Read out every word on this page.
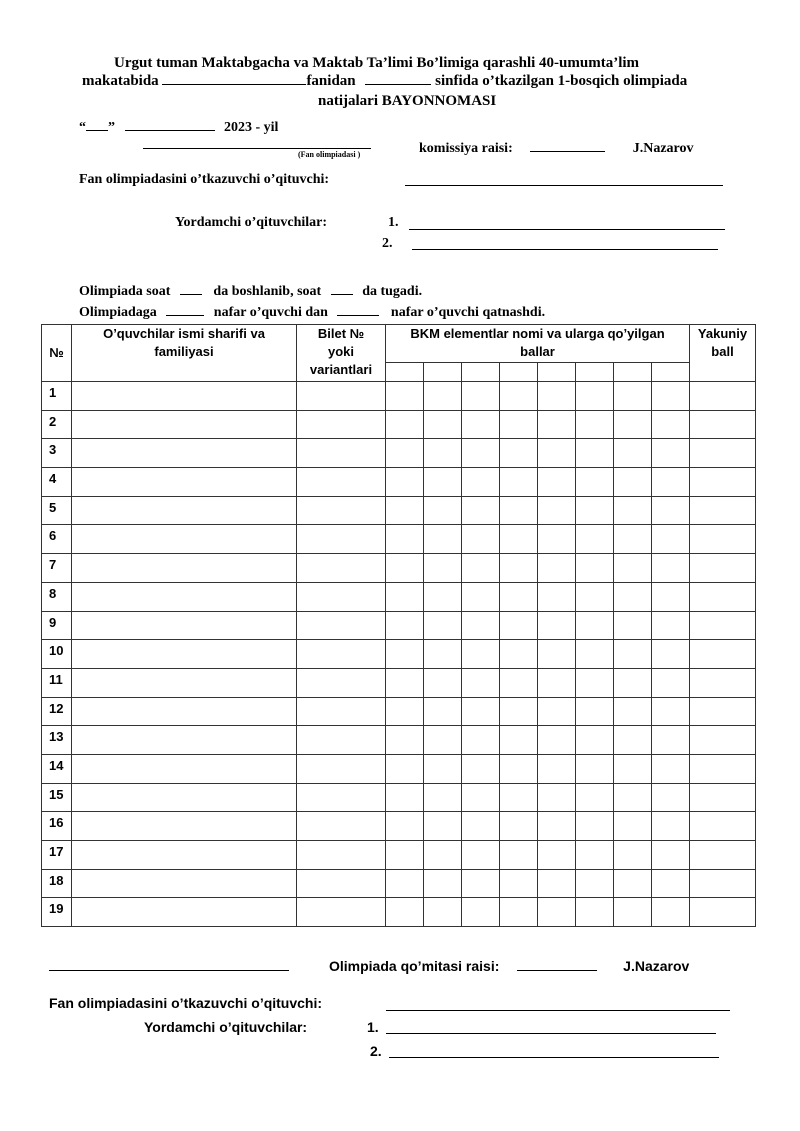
Urgut tuman Maktabgacha va Maktab Ta’limi Bo’limiga qarashli 40-umumta’lim
makatabida	fanidan	sinfida o’tkazilgan 1-bosqich olimpiada
natijalari BAYONNOMASI
“ ”	2023 - yil
(Fan olimpiadasi )	komissiya raisi:	J.Nazarov
Fan olimpiadasini o’tkazuvchi o’qituvchi:
Yordamchi o’qituvchilar:	1.
2.
Olimpiada soat	da boshlanib, soat	da tugadi.
Olimpiadaga	nafar o’quvchi dan	nafar o’quvchi qatnashdi.
№	O’quvchilar ismi sharifi va familiyasi	Bilet № yoki variantlari	BKM elementlar nomi va ularga qo’yilgan ballar								Yakuniy ball

1											
2											
3											
4											
5											
6											
7											
8											
9											
10											
11											
12											
13											
14											
15											
16											
17											
18											
19											
Olimpiada qo’mitasi raisi:	J.Nazarov
Fan olimpiadasini o’tkazuvchi o’qituvchi:
Yordamchi o’qituvchilar:	1.
2.
